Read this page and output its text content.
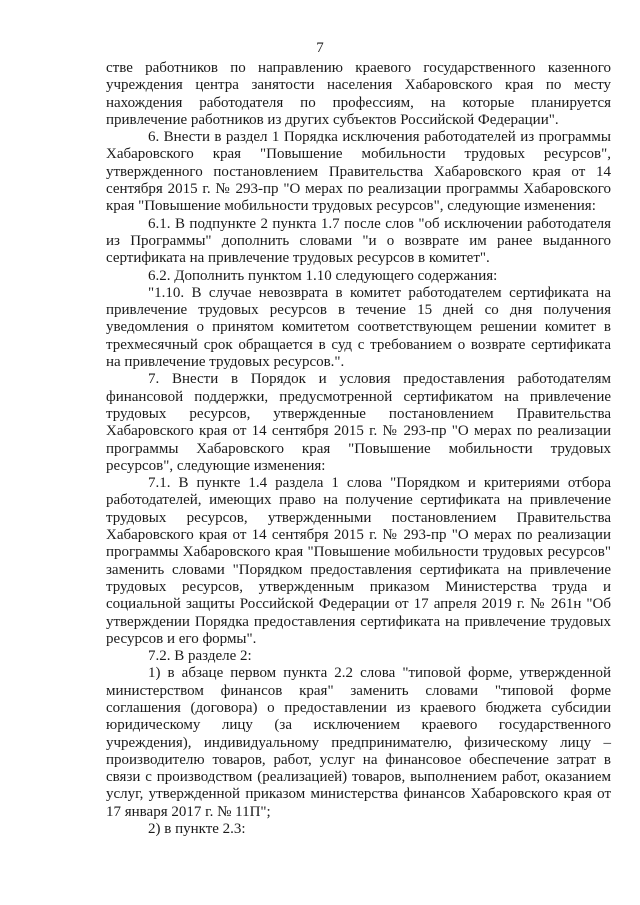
7

стве работников по направлению краевого государственного казенного учреждения центра занятости населения Хабаровского края по месту нахождения работодателя по профессиям, на которые планируется привлечение работников из других субъектов Российской Федерации".

6. Внести в раздел 1 Порядка исключения работодателей из программы Хабаровского края "Повышение мобильности трудовых ресурсов", утвержденного постановлением Правительства Хабаровского края от 14 сентября 2015 г. № 293-пр "О мерах по реализации программы Хабаровского края "Повышение мобильности трудовых ресурсов", следующие изменения:

6.1. В подпункте 2 пункта 1.7 после слов "об исключении работодателя из Программы" дополнить словами "и о возврате им ранее выданного сертификата на привлечение трудовых ресурсов в комитет".

6.2. Дополнить пунктом 1.10 следующего содержания:

"1.10. В случае невозврата в комитет работодателем сертификата на привлечение трудовых ресурсов в течение 15 дней со дня получения уведомления о принятом комитетом соответствующем решении комитет в трехмесячный срок обращается в суд с требованием о возврате сертификата на привлечение трудовых ресурсов.".

7. Внести в Порядок и условия предоставления работодателям финансовой поддержки, предусмотренной сертификатом на привлечение трудовых ресурсов, утвержденные постановлением Правительства Хабаровского края от 14 сентября 2015 г. № 293-пр "О мерах по реализации программы Хабаровского края "Повышение мобильности трудовых ресурсов", следующие изменения:

7.1. В пункте 1.4 раздела 1 слова "Порядком и критериями отбора работодателей, имеющих право на получение сертификата на привлечение трудовых ресурсов, утвержденными постановлением Правительства Хабаровского края от 14 сентября 2015 г. № 293-пр "О мерах по реализации программы Хабаровского края "Повышение мобильности трудовых ресурсов" заменить словами "Порядком предоставления сертификата на привлечение трудовых ресурсов, утвержденным приказом Министерства труда и социальной защиты Российской Федерации от 17 апреля 2019 г. № 261н "Об утверждении Порядка предоставления сертификата на привлечение трудовых ресурсов и его формы".

7.2. В разделе 2:

1) в абзаце первом пункта 2.2 слова "типовой форме, утвержденной министерством финансов края" заменить словами "типовой форме соглашения (договора) о предоставлении из краевого бюджета субсидии юридическому лицу (за исключением краевого государственного учреждения), индивидуальному предпринимателю, физическому лицу – производителю товаров, работ, услуг на финансовое обеспечение затрат в связи с производством (реализацией) товаров, выполнением работ, оказанием услуг, утвержденной приказом министерства финансов Хабаровского края от 17 января 2017 г. № 11П";

2) в пункте 2.3:
